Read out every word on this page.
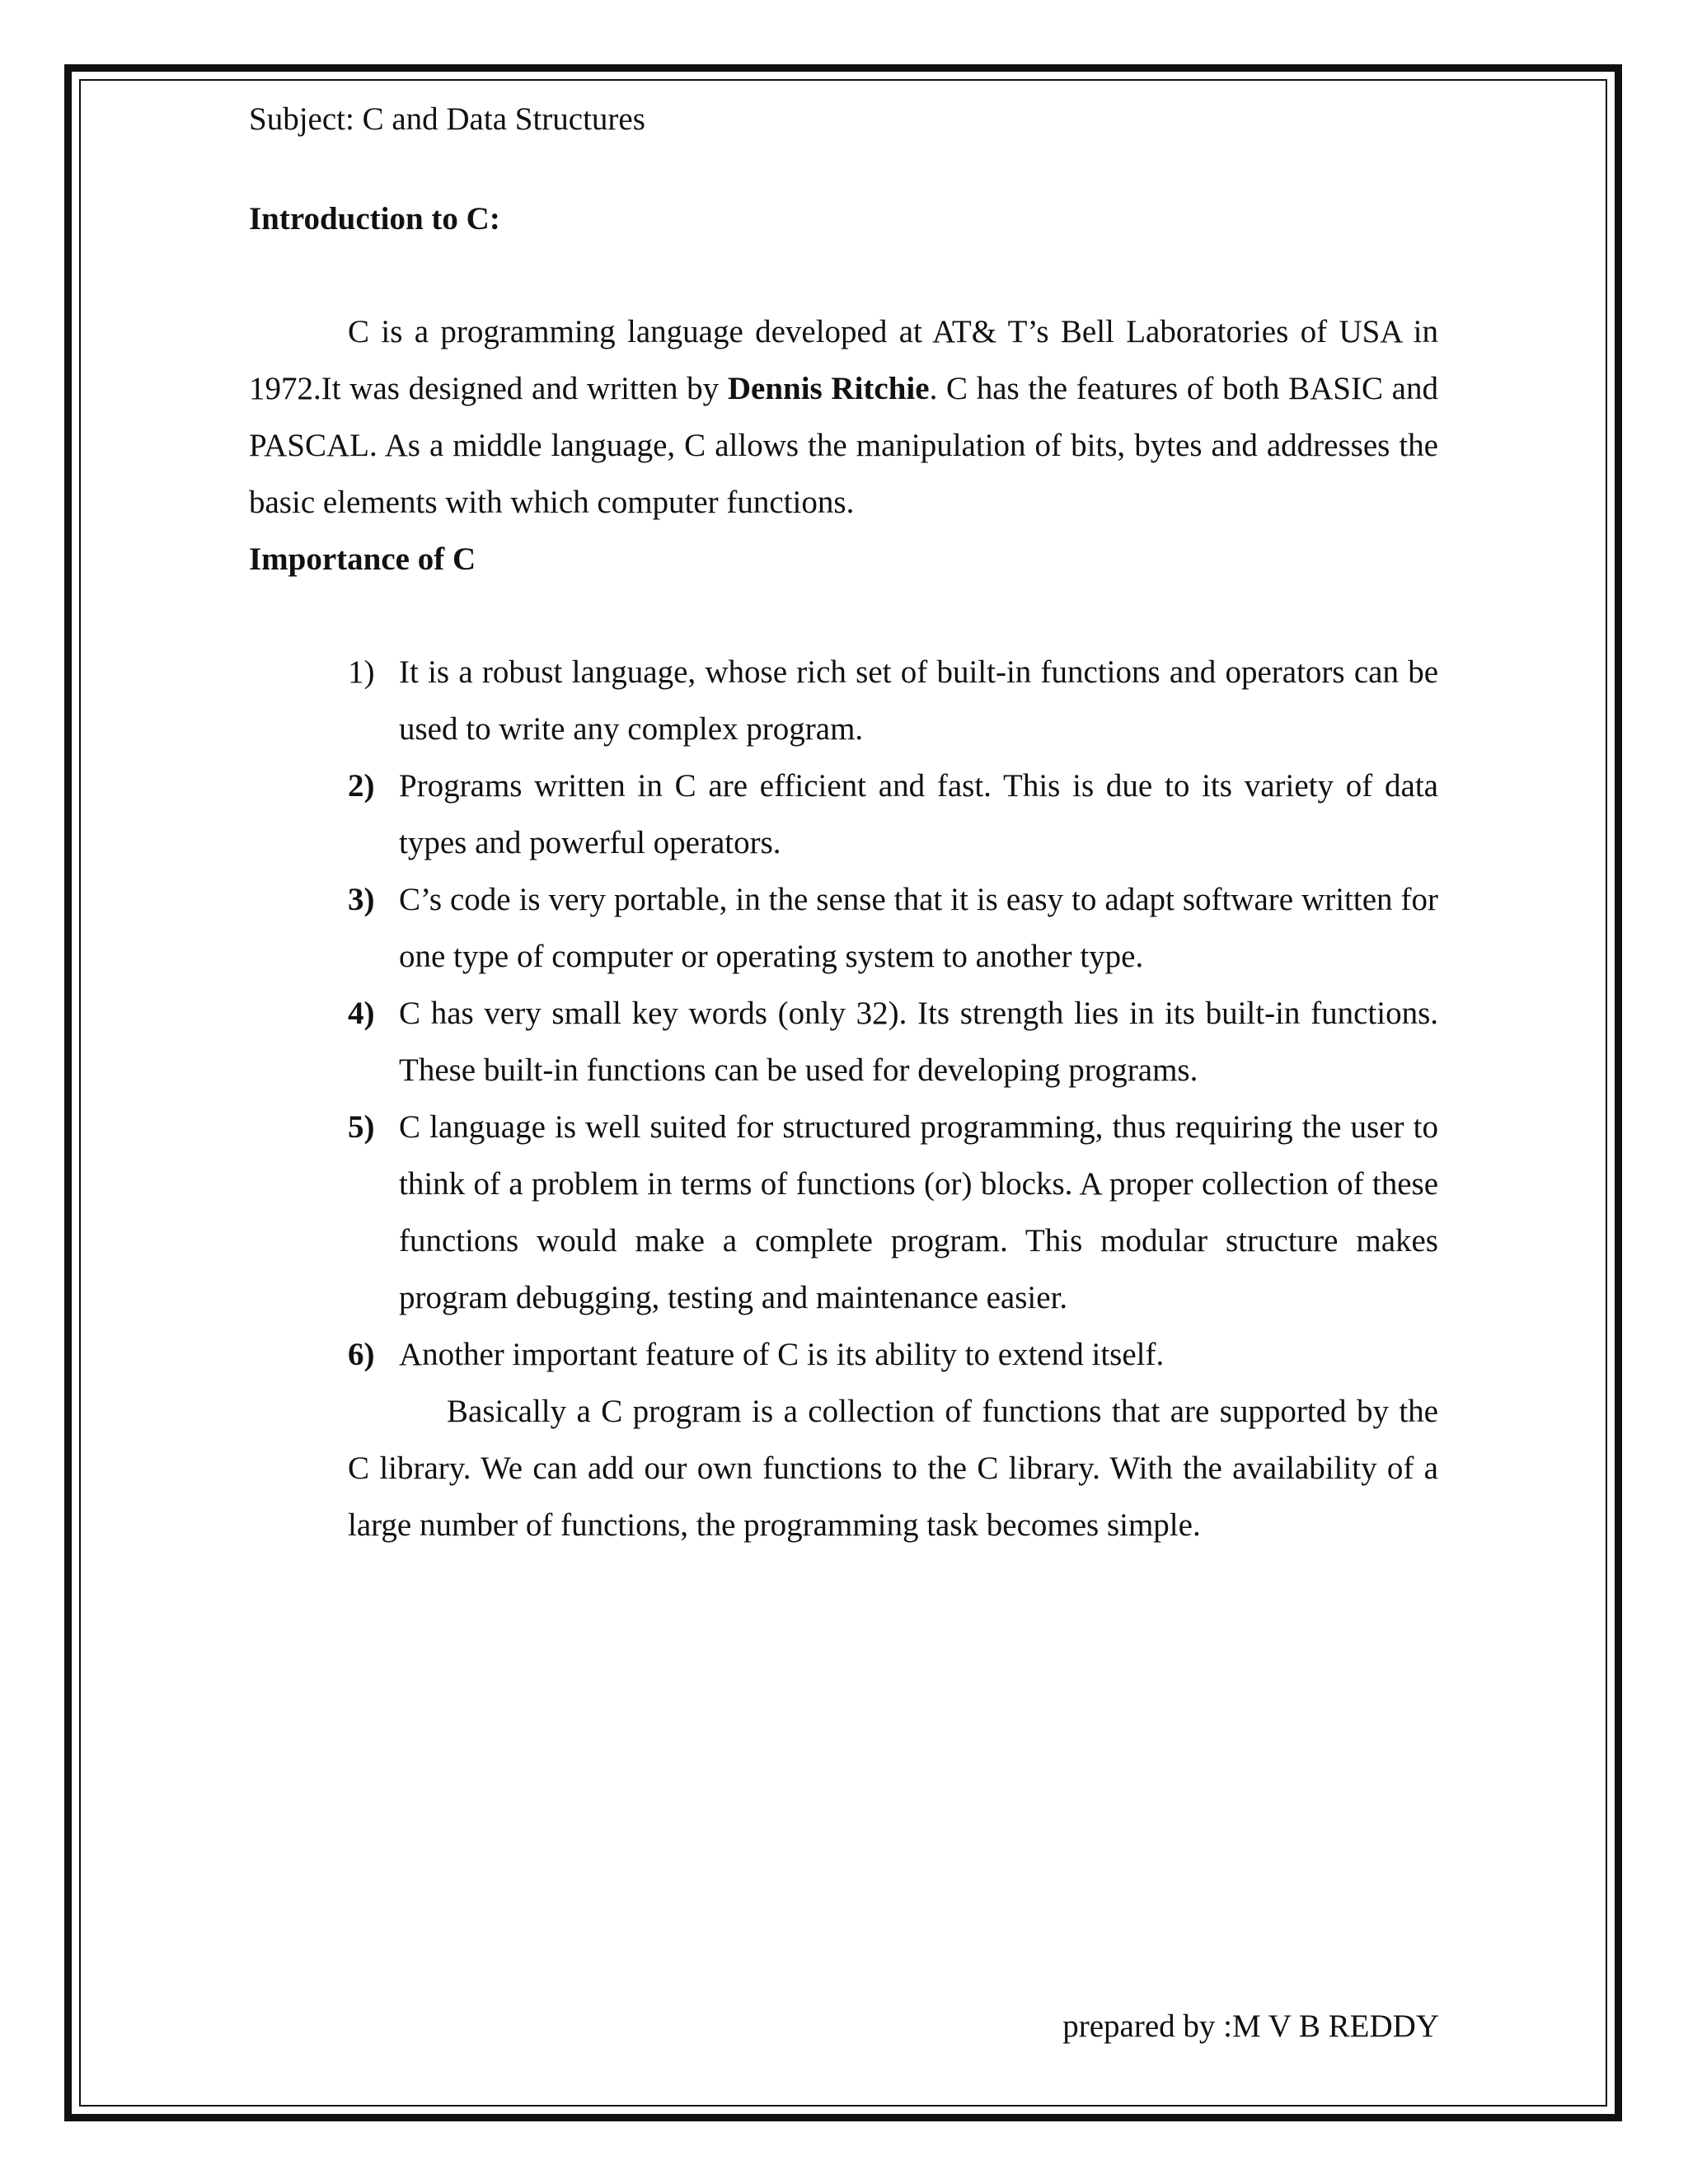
Subject: C and Data Structures

Introduction to C:

C is a programming language developed at AT& T’s Bell Laboratories of USA in 1972.It was designed and written by Dennis Ritchie. C has the features of both BASIC and PASCAL. As a middle language, C allows the manipulation of bits, bytes and addresses the basic elements with which computer functions.

Importance of C

1) It is a robust language, whose rich set of built-in functions and operators can be used to write any complex program.
2) Programs written in C are efficient and fast. This is due to its variety of data types and powerful operators.
3) C’s code is very portable, in the sense that it is easy to adapt software written for one type of computer or operating system to another type.
4) C has very small key words (only 32). Its strength lies in its built-in functions. These built-in functions can be used for developing programs.
5) C language is well suited for structured programming, thus requiring the user to think of a problem in terms of functions (or) blocks. A proper collection of these functions would make a complete program. This modular structure makes program debugging, testing and maintenance easier.
6) Another important feature of C is its ability to extend itself.

Basically a C program is a collection of functions that are supported by the C library. We can add our own functions to the C library. With the availability of a large number of functions, the programming task becomes simple.

prepared by :M V B REDDY
